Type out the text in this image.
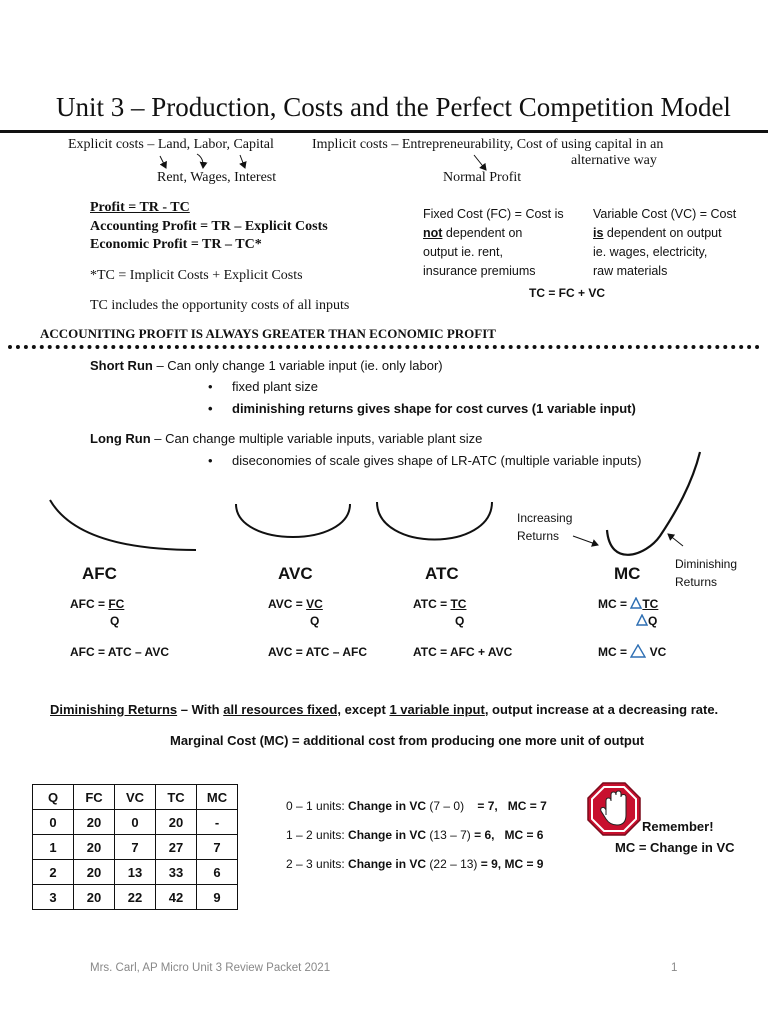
Unit 3 – Production, Costs and the Perfect Competition Model
Explicit costs – Land, Labor, Capital
Rent, Wages, Interest
Implicit costs – Entrepreneurability, Cost of using capital in an
alternative way
Normal Profit
Profit = TR - TC
Accounting Profit = TR – Explicit Costs
Economic Profit = TR – TC*
*TC = Implicit Costs + Explicit Costs
TC includes the opportunity costs of all inputs
Fixed Cost (FC) = Cost is
not dependent on
output ie. rent,
insurance premiums
Variable Cost (VC) = Cost
is dependent on output
ie. wages, electricity,
raw materials
TC = FC + VC
ACCOUNITING PROFIT IS ALWAYS GREATER THAN ECONOMIC PROFIT
Short Run – Can only change 1 variable input (ie. only labor)
• fixed plant size
• diminishing returns gives shape for cost curves (1 variable input)
Long Run – Can change multiple variable inputs, variable plant size
• diseconomies of scale gives shape of LR-ATC (multiple variable inputs)
Increasing
Returns
Diminishing
Returns
AFC	AVC	ATC	MC
AFC = FC
Q
AVC = VC
Q
ATC = TC
Q
MC = TC
Q
AFC = ATC – AVC	AVC = ATC – AFC	ATC = AFC + AVC	MC =  VC
Diminishing Returns – With all resources fixed, except 1 variable input, output increase at a decreasing rate.
Marginal Cost (MC) = additional cost from producing one more unit of output
Q	FC	VC	TC	MC
0	20	0	20	-
1	20	7	27	7
2	20	13	33	6
3	20	22	42	9
0 – 1 units: Change in VC (7 – 0)    = 7,   MC = 7
1 – 2 units: Change in VC (13 – 7) = 6,   MC = 6
2 – 3 units: Change in VC (22 – 13) = 9, MC = 9
Remember!
MC = Change in VC
Mrs. Carl, AP Micro Unit 3 Review Packet 2021	1
